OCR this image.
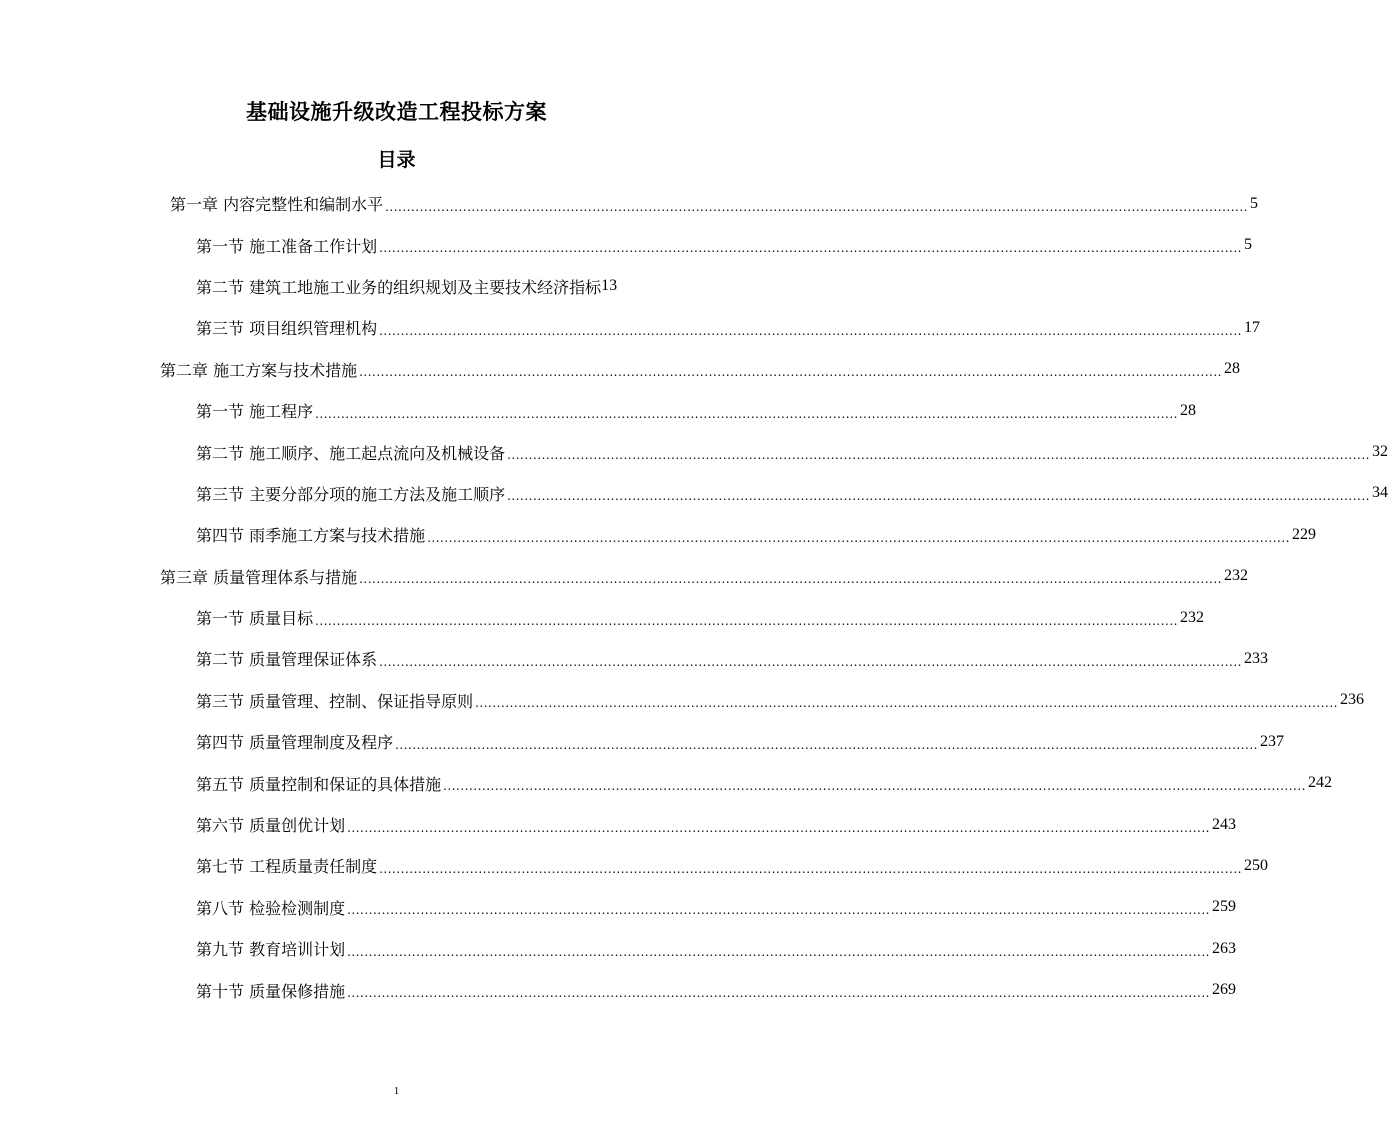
基础设施升级改造工程投标方案
目录
第一章 内容完整性和编制水平 ........................................................................................................................................................................................................ 5
第一节 施工准备工作计划 ........................................................................................................................................................................................................ 5
第二节 建筑工地施工业务的组织规划及主要技术经济指标 13
第三节 项目组织管理机构 ........................................................................................................................................................................................................ 17
第二章 施工方案与技术措施 ........................................................................................................................................................................................................ 28
第一节 施工程序 ........................................................................................................................................................................................................ 28
第二节 施工顺序、施工起点流向及机械设备 ........................................................................................................................................................................................................ 32
第三节 主要分部分项的施工方法及施工顺序 ........................................................................................................................................................................................................ 34
第四节 雨季施工方案与技术措施 ........................................................................................................................................................................................................ 229
第三章 质量管理体系与措施 ........................................................................................................................................................................................................ 232
第一节 质量目标 ........................................................................................................................................................................................................ 232
第二节 质量管理保证体系 ........................................................................................................................................................................................................ 233
第三节 质量管理、控制、保证指导原则 ........................................................................................................................................................................................................ 236
第四节 质量管理制度及程序 ........................................................................................................................................................................................................ 237
第五节 质量控制和保证的具体措施 ........................................................................................................................................................................................................ 242
第六节 质量创优计划 ........................................................................................................................................................................................................ 243
第七节 工程质量责任制度 ........................................................................................................................................................................................................ 250
第八节 检验检测制度 ........................................................................................................................................................................................................ 259
第九节 教育培训计划 ........................................................................................................................................................................................................ 263
第十节 质量保修措施 ........................................................................................................................................................................................................ 269
1
